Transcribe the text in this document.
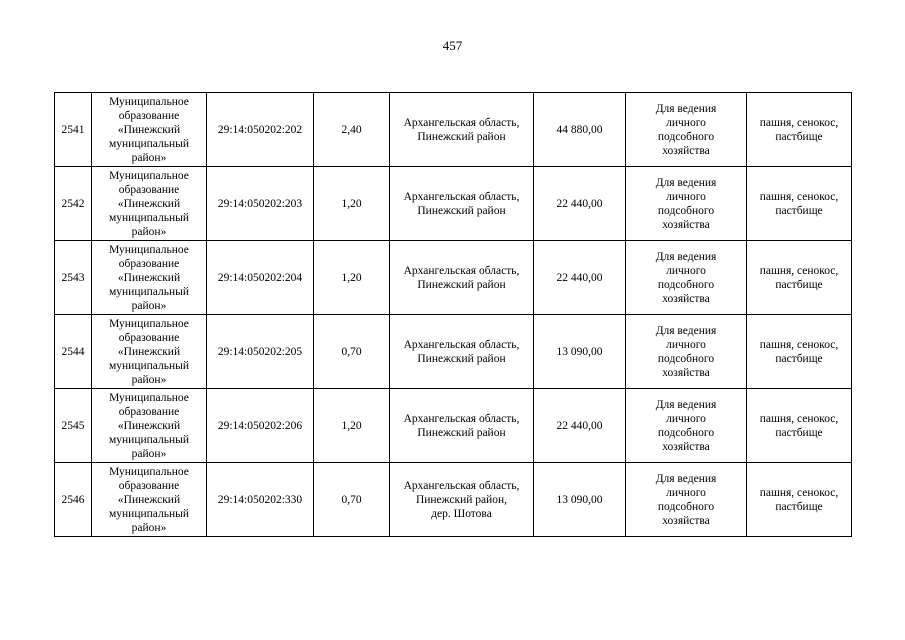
457
2541	Муниципальное
образование
«Пинежский
муниципальный
район»	29:14:050202:202	2,40	Архангельская область,
Пинежский район	44 880,00	Для ведения
личного
подсобного
хозяйства	пашня, сенокос,
пастбище
2542	Муниципальное
образование
«Пинежский
муниципальный
район»	29:14:050202:203	1,20	Архангельская область,
Пинежский район	22 440,00	Для ведения
личного
подсобного
хозяйства	пашня, сенокос,
пастбище
2543	Муниципальное
образование
«Пинежский
муниципальный
район»	29:14:050202:204	1,20	Архангельская область,
Пинежский район	22 440,00	Для ведения
личного
подсобного
хозяйства	пашня, сенокос,
пастбище
2544	Муниципальное
образование
«Пинежский
муниципальный
район»	29:14:050202:205	0,70	Архангельская область,
Пинежский район	13 090,00	Для ведения
личного
подсобного
хозяйства	пашня, сенокос,
пастбище
2545	Муниципальное
образование
«Пинежский
муниципальный
район»	29:14:050202:206	1,20	Архангельская область,
Пинежский район	22 440,00	Для ведения
личного
подсобного
хозяйства	пашня, сенокос,
пастбище
2546	Муниципальное
образование
«Пинежский
муниципальный
район»	29:14:050202:330	0,70	Архангельская область,
Пинежский район,
дер. Шотова	13 090,00	Для ведения
личного
подсобного
хозяйства	пашня, сенокос,
пастбище
